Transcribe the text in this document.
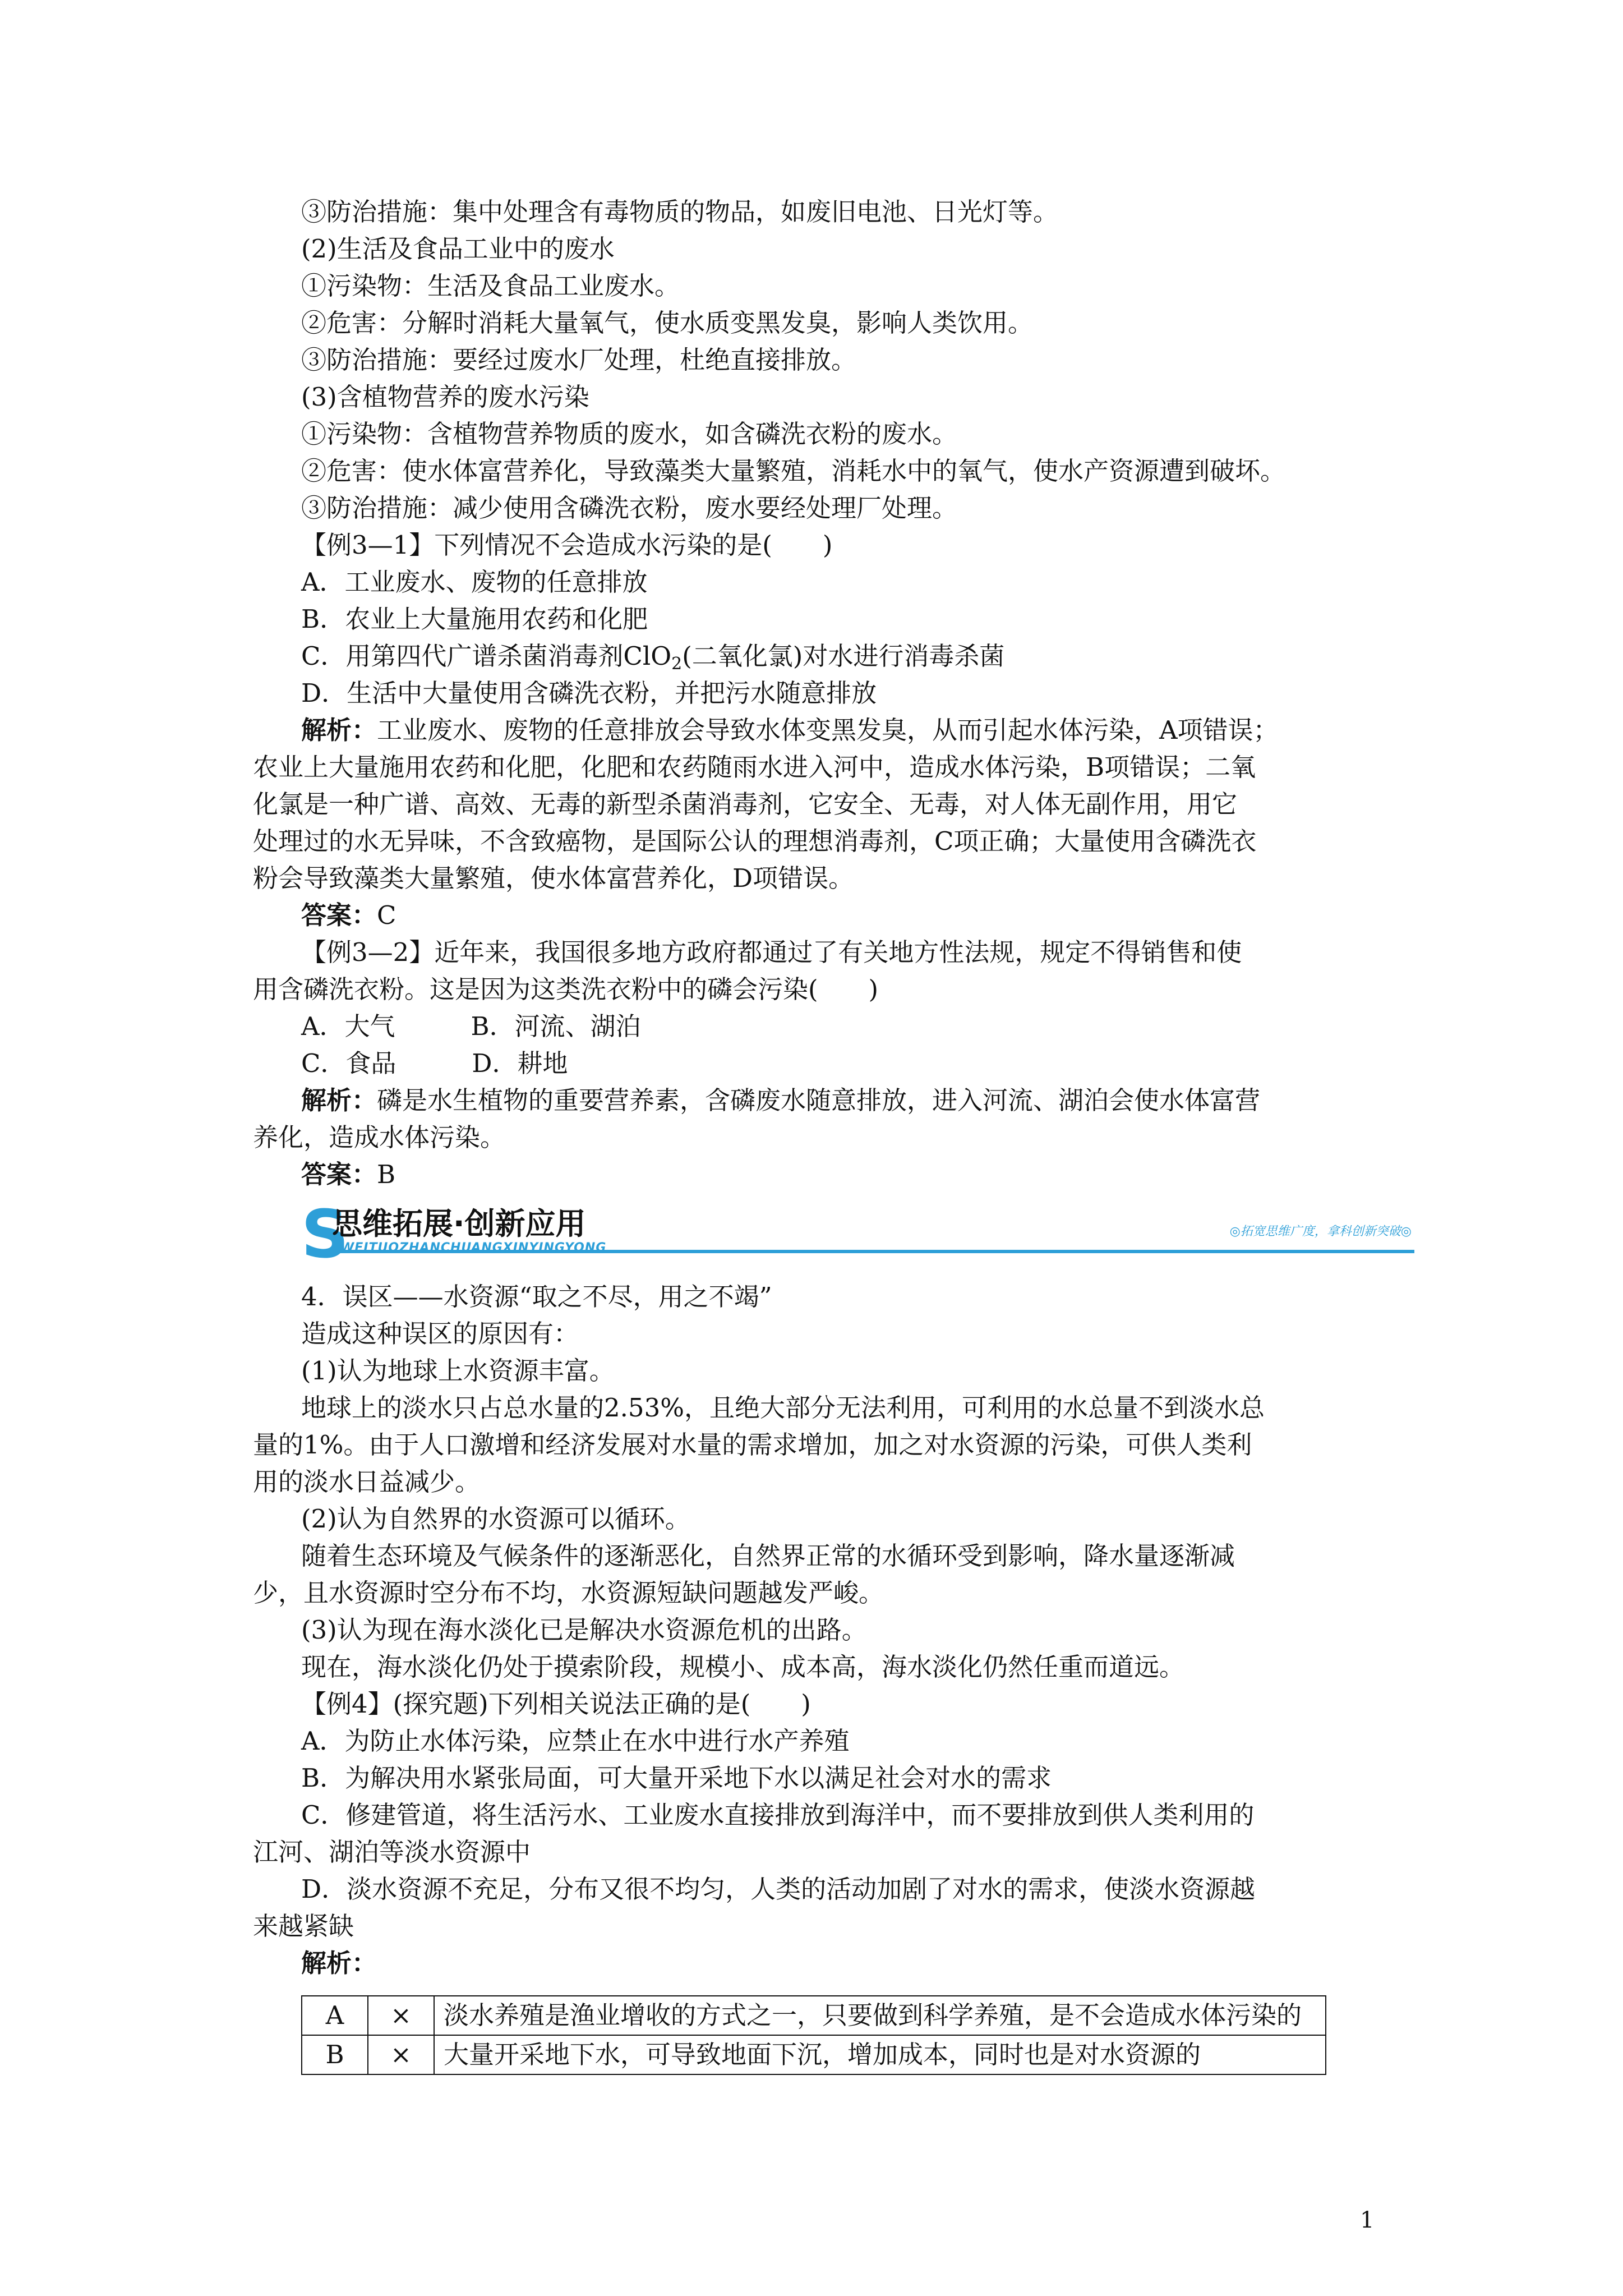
③防治措施：集中处理含有毒物质的物品，如废旧电池、日光灯等。
(2)生活及食品工业中的废水
①污染物：生活及食品工业废水。
②危害：分解时消耗大量氧气，使水质变黑发臭，影响人类饮用。
③防治措施：要经过废水厂处理，杜绝直接排放。
(3)含植物营养的废水污染
①污染物：含植物营养物质的废水，如含磷洗衣粉的废水。
②危害：使水体富营养化，导致藻类大量繁殖，消耗水中的氧气，使水产资源遭到破坏。
③防治措施：减少使用含磷洗衣粉，废水要经处理厂处理。
【例3—1】下列情况不会造成水污染的是(　　)
A．工业废水、废物的任意排放
B．农业上大量施用农药和化肥
C．用第四代广谱杀菌消毒剂ClO$_2$(二氧化氯)对水进行消毒杀菌
D．生活中大量使用含磷洗衣粉，并把污水随意排放
解析：工业废水、废物的任意排放会导致水体变黑发臭，从而引起水体污染，A项错误；
农业上大量施用农药和化肥，化肥和农药随雨水进入河中，造成水体污染，B项错误；二氧
化氯是一种广谱、高效、无毒的新型杀菌消毒剂，它安全、无毒，对人体无副作用，用它
处理过的水无异味，不含致癌物，是国际公认的理想消毒剂，C项正确；大量使用含磷洗衣
粉会导致藻类大量繁殖，使水体富营养化，D项错误。
答案：C
【例3—2】近年来，我国很多地方政府都通过了有关地方性法规，规定不得销售和使
用含磷洗衣粉。这是因为这类洗衣粉中的磷会污染(　　)
A．大气　　　B．河流、湖泊
C．食品　　　D．耕地
解析：磷是水生植物的重要营养素，含磷废水随意排放，进入河流、湖泊会使水体富营
养化，造成水体污染。
答案：B
S
思维拓展·创新应用
WEITUOZHANCHUANGXINYINGYONG
◎拓宽思维广度，拿科创新突破◎
4．误区——水资源“取之不尽，用之不竭”
造成这种误区的原因有：
(1)认为地球上水资源丰富。
地球上的淡水只占总水量的2.53%，且绝大部分无法利用，可利用的水总量不到淡水总
量的1%。由于人口激增和经济发展对水量的需求增加，加之对水资源的污染，可供人类利
用的淡水日益减少。
(2)认为自然界的水资源可以循环。
随着生态环境及气候条件的逐渐恶化，自然界正常的水循环受到影响，降水量逐渐减
少，且水资源时空分布不均，水资源短缺问题越发严峻。
(3)认为现在海水淡化已是解决水资源危机的出路。
现在，海水淡化仍处于摸索阶段，规模小、成本高，海水淡化仍然任重而道远。
【例4】(探究题)下列相关说法正确的是(　　)
A．为防止水体污染，应禁止在水中进行水产养殖
B．为解决用水紧张局面，可大量开采地下水以满足社会对水的需求
C．修建管道，将生活污水、工业废水直接排放到海洋中，而不要排放到供人类利用的
江河、湖泊等淡水资源中
D．淡水资源不充足，分布又很不均匀，人类的活动加剧了对水的需求，使淡水资源越
来越紧缺
解析：
A	×	淡水养殖是渔业增收的方式之一，只要做到科学养殖，是不会造成水体污染的
B	×	大量开采地下水，可导致地面下沉，增加成本，同时也是对水资源的
1
